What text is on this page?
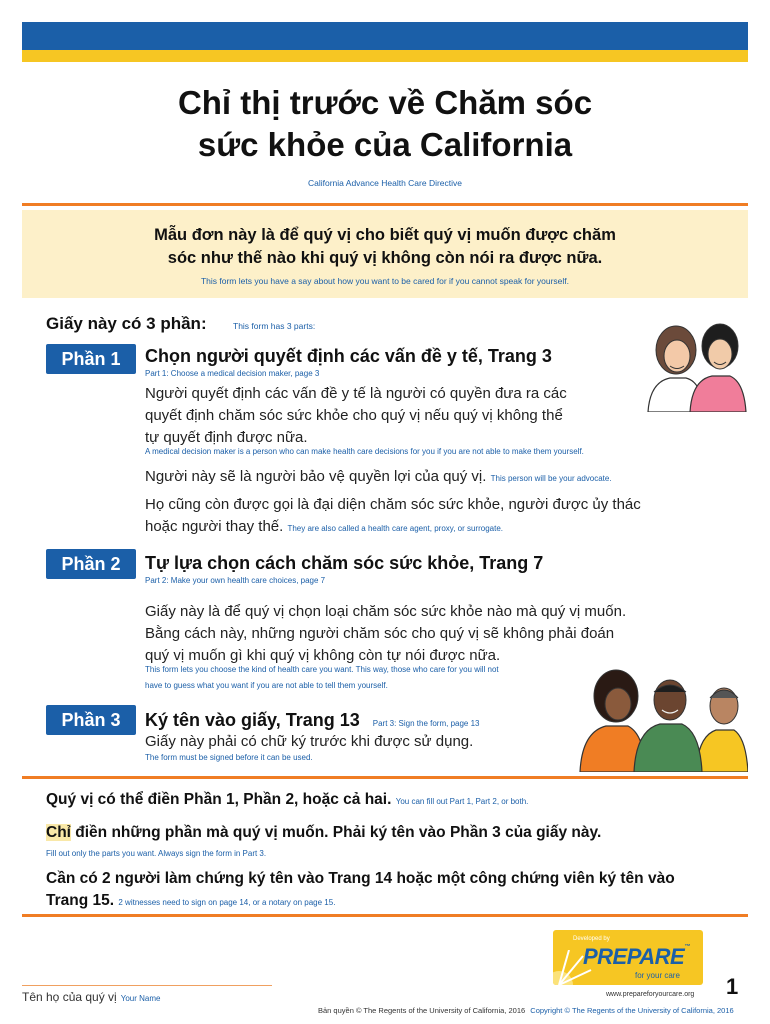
Chỉ thị trước về Chăm sóc
sức khỏe của California
California Advance Health Care Directive
Mẫu đơn này là để quý vị cho biết quý vị muốn được chăm
sóc như thế nào khi quý vị không còn nói ra được nữa.
This form lets you have a say about how you want to be cared for if you cannot speak for yourself.
Giấy này có 3 phần:	This form has 3 parts:
Phần 1	Chọn người quyết định các vấn đề y tế, Trang 3
Part 1: Choose a medical decision maker, page 3
Người quyết định các vấn đề y tế là người có quyền đưa ra các
quyết định chăm sóc sức khỏe cho quý vị nếu quý vị không thể
tự quyết định được nữa.
A medical decision maker is a person who can make health care decisions for you if you are not able to make them yourself.
Người này sẽ là người bảo vệ quyền lợi của quý vị. This person will be your advocate.
Họ cũng còn được gọi là đại diện chăm sóc sức khỏe, người được ủy thác
hoặc người thay thế. They are also called a health care agent, proxy, or surrogate.
Phần 2	Tự lựa chọn cách chăm sóc sức khỏe, Trang 7
Part 2: Make your own health care choices, page 7
Giấy này là để quý vị chọn loại chăm sóc sức khỏe nào mà quý vị muốn.
Bằng cách này, những người chăm sóc cho quý vị sẽ không phải đoán
quý vị muốn gì khi quý vị không còn tự nói được nữa.
This form lets you choose the kind of health care you want. This way, those who care for you will not
have to guess what you want if you are not able to tell them yourself.
Phần 3	Ký tên vào giấy, Trang 13 Part 3: Sign the form, page 13
Giấy này phải có chữ ký trước khi được sử dụng.
The form must be signed before it can be used.
Quý vị có thể điền Phần 1, Phần 2, hoặc cả hai. You can fill out Part 1, Part 2, or both.
Chỉ điền những phần mà quý vị muốn. Phải ký tên vào Phần 3 của giấy này.
Fill out only the parts you want. Always sign the form in Part 3.
Cần có 2 người làm chứng ký tên vào Trang 14 hoặc một công chứng viên ký tên vào
Trang 15. 2 witnesses need to sign on page 14, or a notary on page 15.
Tên họ của quý vị Your Name
Developed by
PREPARE™
for your care
www.prepareforyourcare.org 1
Bản quyền © The Regents of the University of California, 2016 Copyright © The Regents of the University of California, 2016
